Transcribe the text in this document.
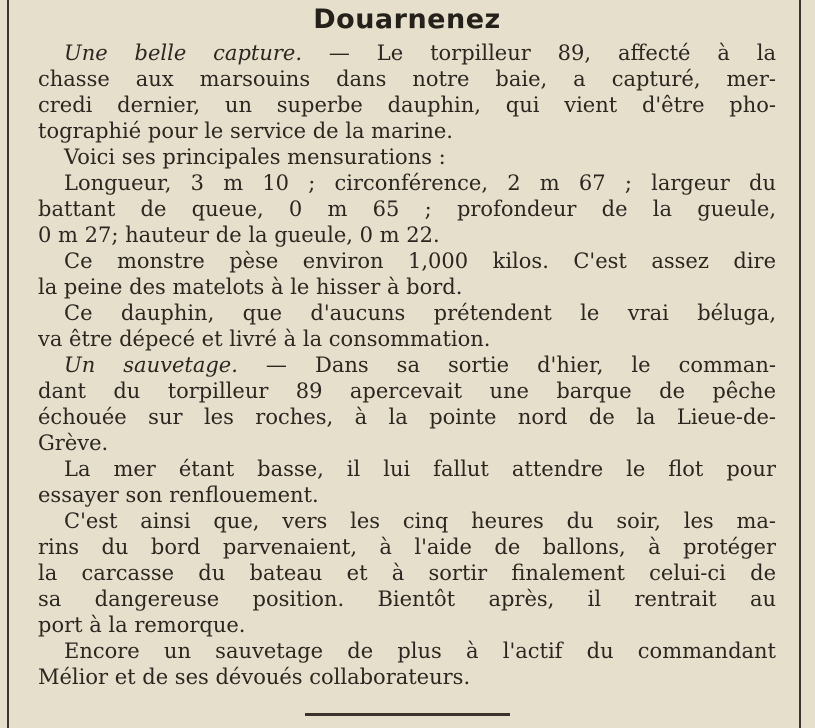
Douarnenez
Une belle capture. — Le torpilleur 89, affecté à la
chasse aux marsouins dans notre baie, a capturé, mer-
credi dernier, un superbe dauphin, qui vient d'être pho-
tographié pour le service de la marine.
Voici ses principales mensurations :
Longueur, 3 m 10 ; circonférence, 2 m 67 ; largeur du
battant de queue, 0 m 65 ; profondeur de la gueule,
0 m 27; hauteur de la gueule, 0 m 22.
Ce monstre pèse environ 1,000 kilos. C'est assez dire
la peine des matelots à le hisser à bord.
Ce dauphin, que d'aucuns prétendent le vrai béluga,
va être dépecé et livré à la consommation.
Un sauvetage. — Dans sa sortie d'hier, le comman-
dant du torpilleur 89 apercevait une barque de pêche
échouée sur les roches, à la pointe nord de la Lieue-de-
Grève.
La mer étant basse, il lui fallut attendre le flot pour
essayer son renflouement.
C'est ainsi que, vers les cinq heures du soir, les ma-
rins du bord parvenaient, à l'aide de ballons, à protéger
la carcasse du bateau et à sortir finalement celui-ci de
sa dangereuse position. Bientôt après, il rentrait au
port à la remorque.
Encore un sauvetage de plus à l'actif du commandant
Mélior et de ses dévoués collaborateurs.
